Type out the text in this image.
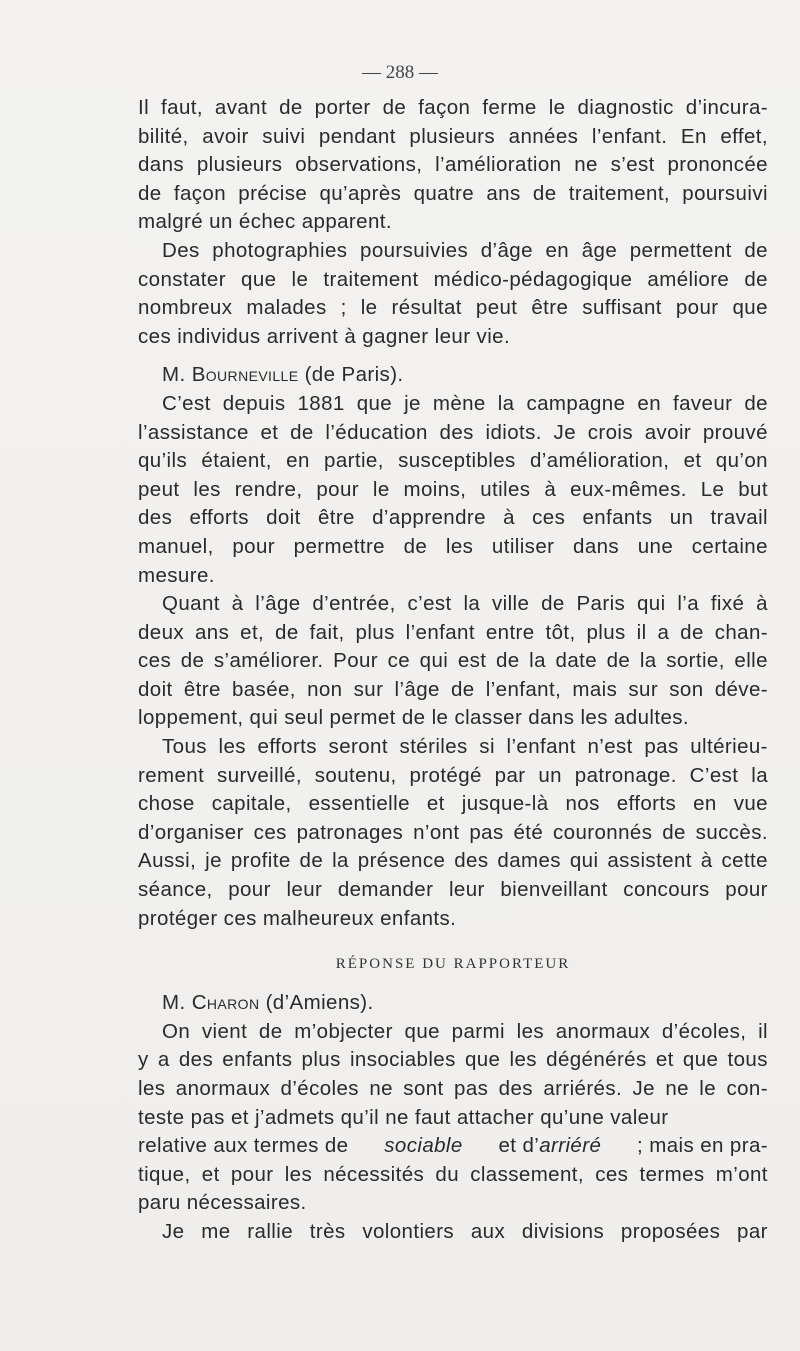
— 288 —
Il faut, avant de porter de façon ferme le diagnostic d’incura-
bilité, avoir suivi pendant plusieurs années l’enfant. En effet,
dans plusieurs observations, l’amélioration ne s’est prononcée
de façon précise qu’après quatre ans de traitement, poursuivi
malgré
un
échec
apparent.
Des photographies poursuivies d’âge en âge permettent de
constater que le traitement médico-pédagogique améliore de
nombreux malades ; le résultat peut être suffisant pour que
ces
individus
arrivent
à
gagner
leur
vie.
M.
Bourneville
(de Paris).
C’est depuis 1881 que je mène la campagne en faveur de
l’assistance et de l’éducation des idiots. Je crois avoir prouvé
qu’ils étaient, en partie, susceptibles d’amélioration, et qu’on
peut les rendre, pour le moins, utiles à eux-mêmes. Le but
des efforts doit être d’apprendre à ces enfants un travail
manuel, pour permettre de les utiliser dans une certaine
mesure.
Quant à l’âge d’entrée, c’est la ville de Paris qui l’a fixé à
deux ans et, de fait, plus l’enfant entre tôt, plus il a de chan-
ces de s’améliorer. Pour ce qui est de la date de la sortie, elle
doit être basée, non sur l’âge de l’enfant, mais sur son déve-
loppement,
qui
seul
permet
de
le
classer
dans
les
adultes.
Tous les efforts seront stériles si l’enfant n’est pas ultérieu-
rement surveillé, soutenu, protégé par un patronage. C’est la
chose capitale, essentielle et jusque-là nos efforts en vue
d’organiser ces patronages n’ont pas été couronnés de succès.
Aussi, je profite de la présence des dames qui assistent à cette
séance, pour leur demander leur bienveillant concours pour
protéger
ces
malheureux
enfants.
RÉPONSE DU RAPPORTEUR
M.
Charon
(d’Amiens).
On vient de m’objecter que parmi les anormaux d’écoles, il
y a des enfants plus insociables que les dégénérés et que tous
les anormaux d’écoles ne sont pas des arriérés. Je ne le con-
teste
pas
et
j’admets
qu’il
ne
faut
attacher
qu’une
valeur
relative aux termes de sociable et d’arriéré ; mais en pra-
tique, et pour les nécessités du classement, ces termes m’ont
paru
nécessaires.
Je me rallie très volontiers aux divisions proposées par
